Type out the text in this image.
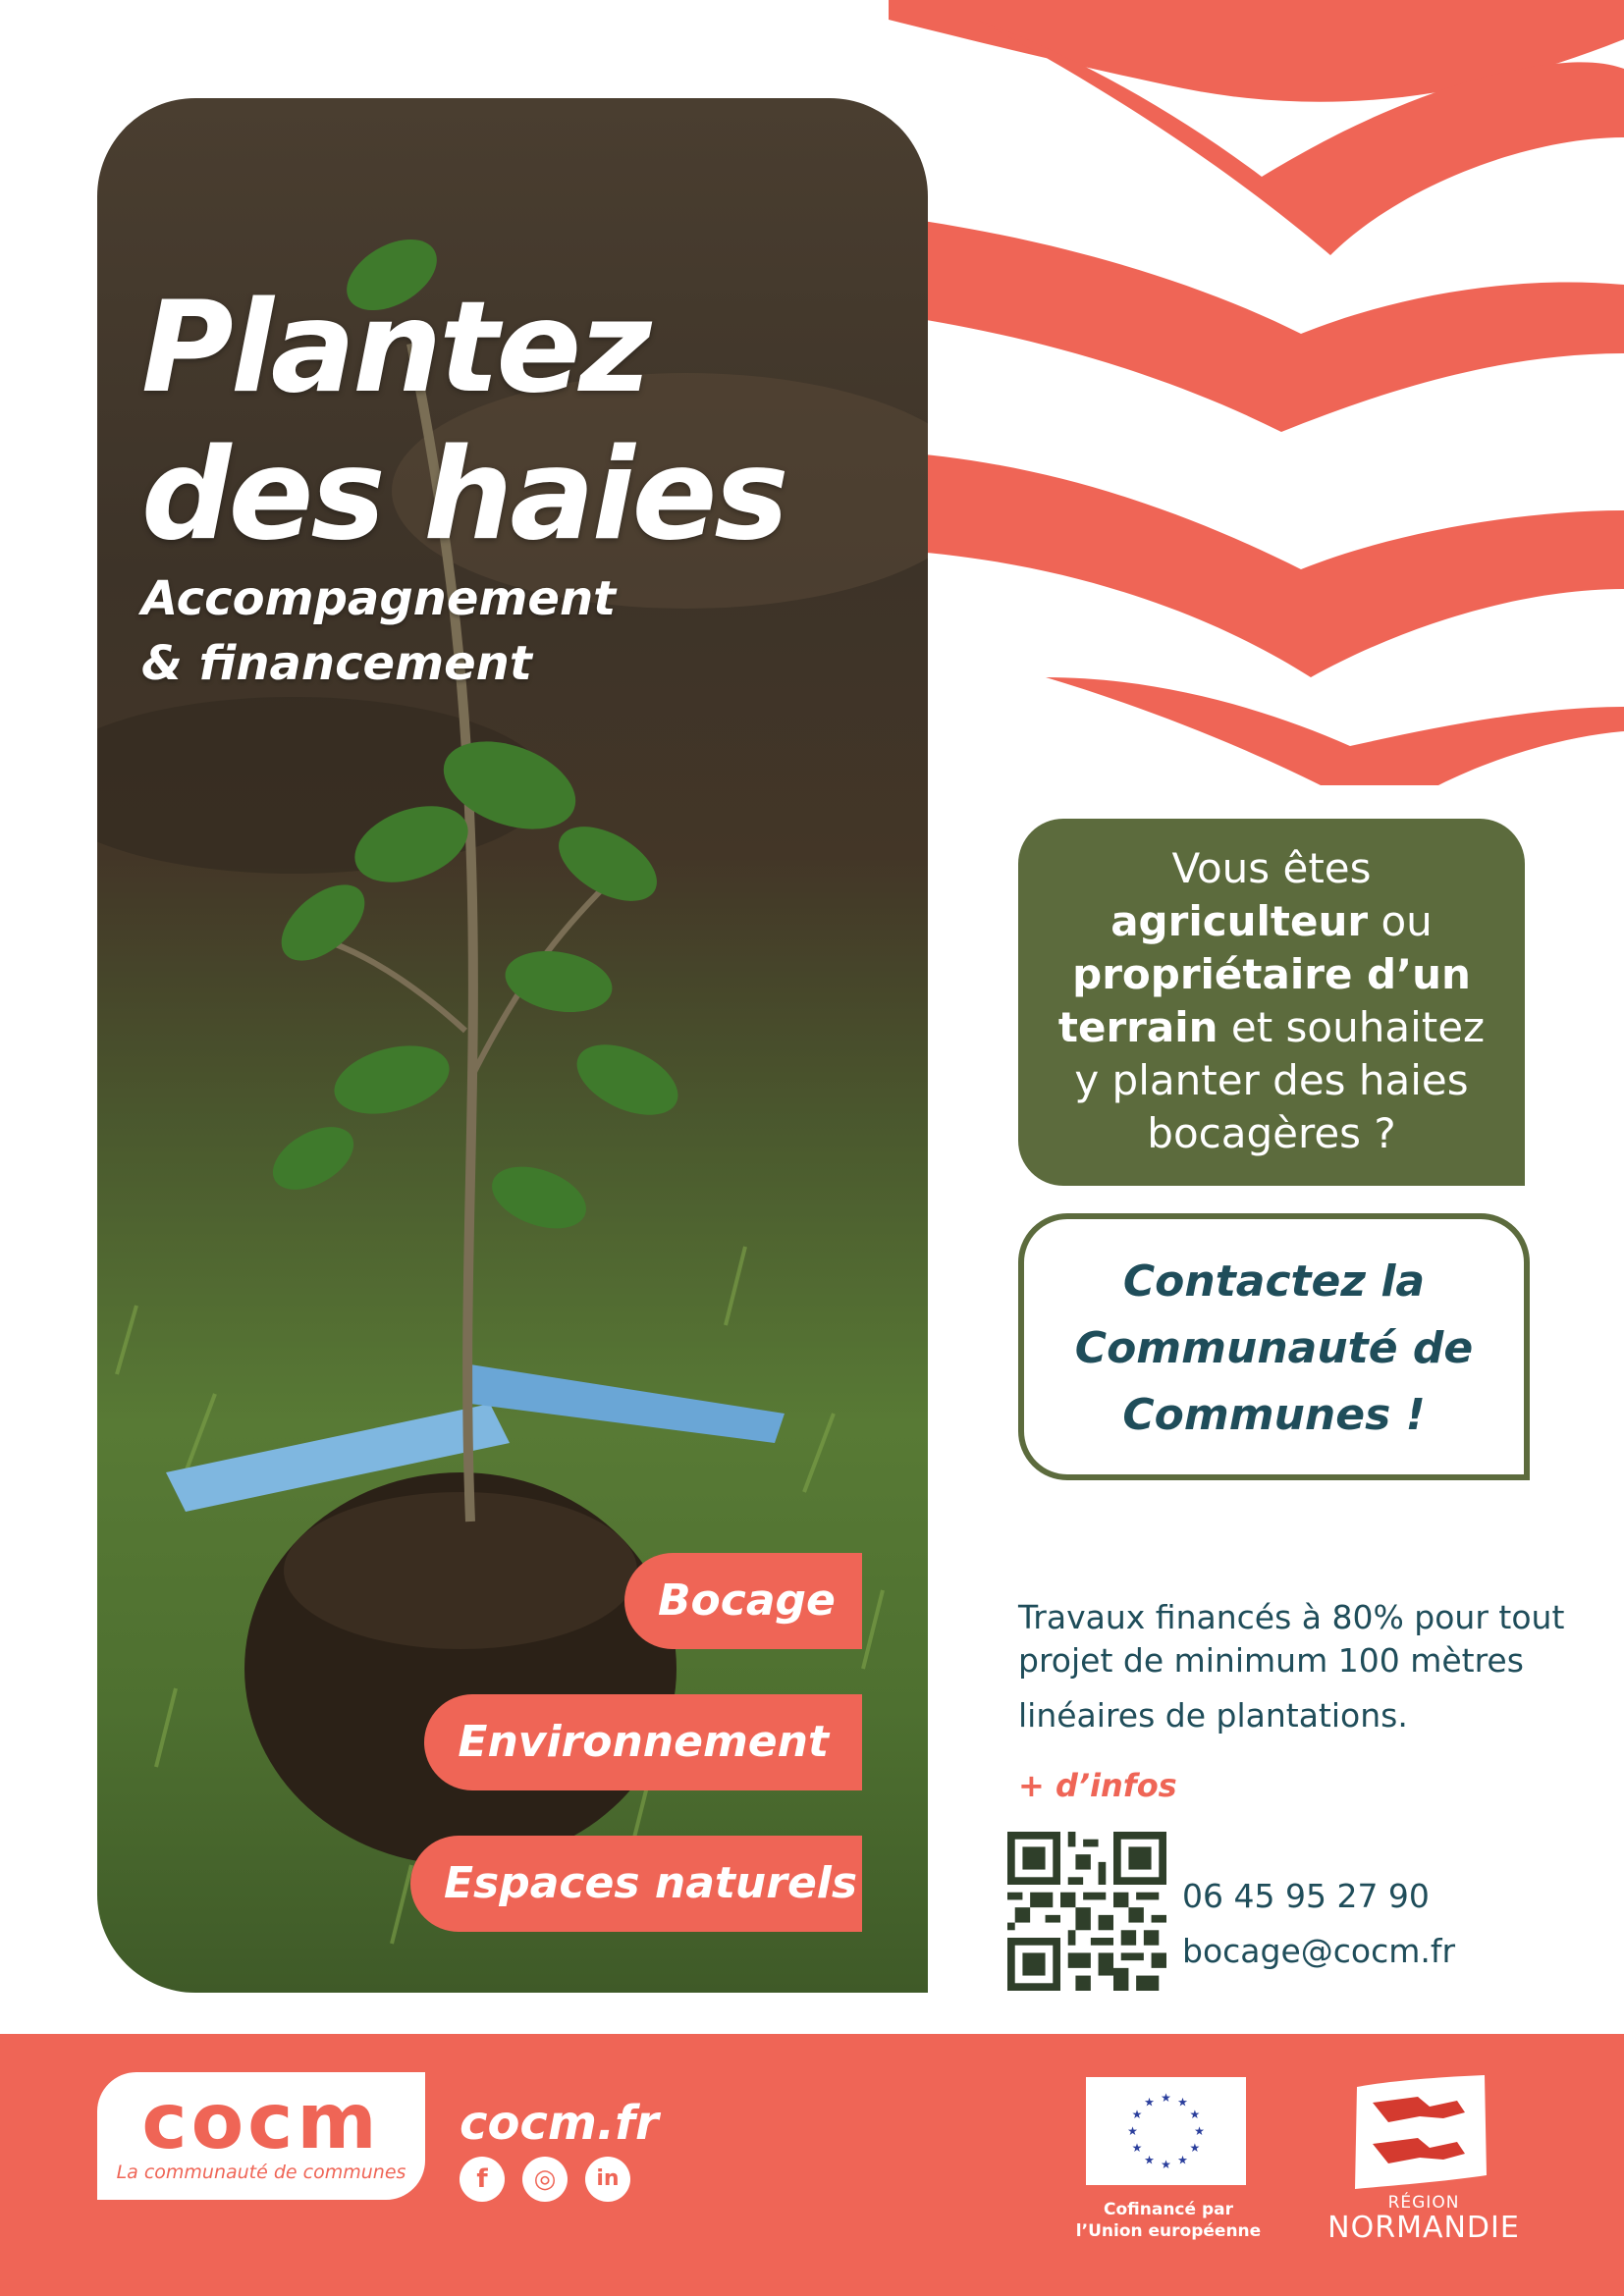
Plantez
des haies
Accompagnement
& financement
Bocage
Environnement
Espaces naturels
Vous êtes
agriculteur ou
propriétaire d’un
terrain et souhaitez
y planter des haies
bocagères ?
Contactez la
Communauté de
Communes !
Travaux financés à 80% pour tout
projet de minimum 100 mètres
linéaires de plantations.
+ d’infos
06 45 95 27 90
bocage@cocm.fr
cocm
La communauté de communes
cocm.fr
f	◎	in
★ ★
★
★
★
★
★
★
★
★
★
★
Cofinancé par
l’Union européenne
RÉGION
NORMANDIE
